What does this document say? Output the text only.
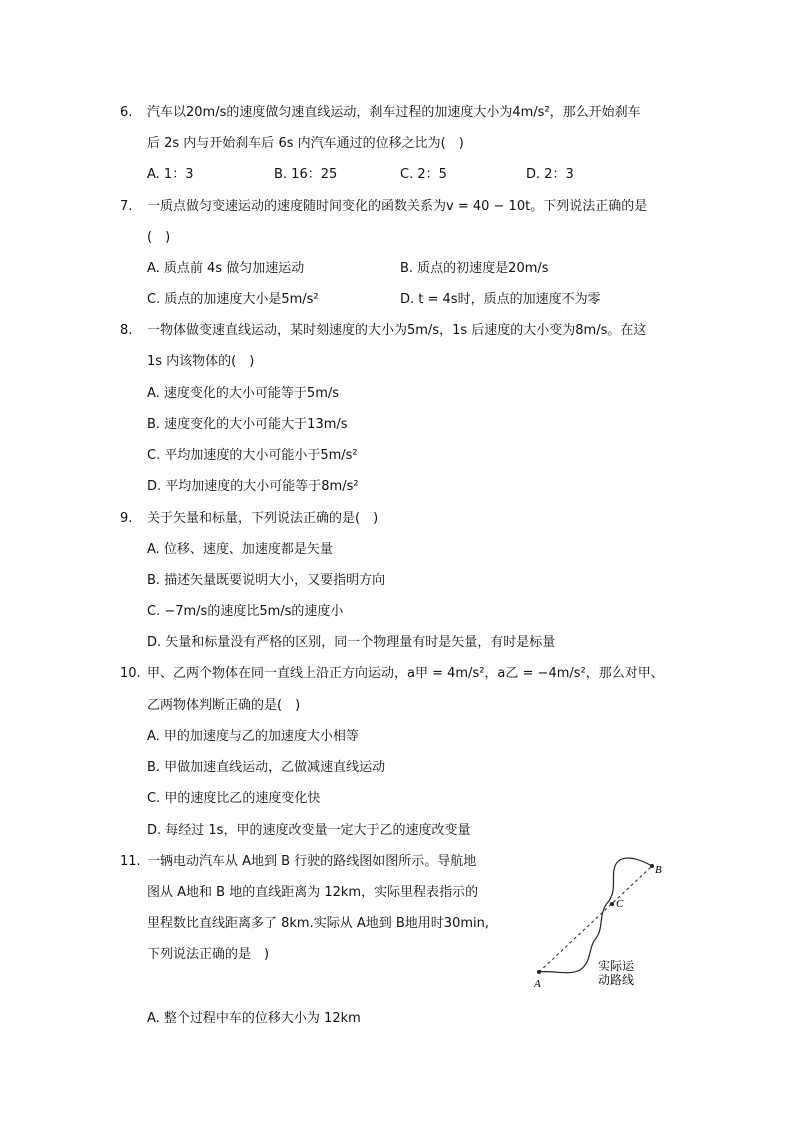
6. 汽车以20m/s的速度做匀速直线运动，刹车过程的加速度大小为4m/s²，那么开始刹车
后 2s 内与开始刹车后 6s 内汽车通过的位移之比为(　)
A. 1：3	B. 16：25	C. 2：5	D. 2：3
7. 一质点做匀变速运动的速度随时间变化的函数关系为v = 40 − 10t。下列说法正确的是
(　)
A. 质点前 4s 做匀加速运动	B. 质点的初速度是20m/s
C. 质点的加速度大小是5m/s²	D. t = 4s时，质点的加速度不为零
8. 一物体做变速直线运动，某时刻速度的大小为5m/s，1s 后速度的大小变为8m/s。在这
1s 内该物体的(　)
A. 速度变化的大小可能等于5m/s
B. 速度变化的大小可能大于13m/s
C. 平均加速度的大小可能小于5m/s²
D. 平均加速度的大小可能等于8m/s²
9. 关于矢量和标量，下列说法正确的是(　)
A. 位移、速度、加速度都是矢量
B. 描述矢量既要说明大小，又要指明方向
C. −7m/s的速度比5m/s的速度小
D. 矢量和标量没有严格的区别，同一个物理量有时是矢量，有时是标量
10. 甲、乙两个物体在同一直线上沿正方向运动，a甲 = 4m/s²，a乙 = −4m/s²，那么对甲、
乙两物体判断正确的是(　)
A. 甲的加速度与乙的加速度大小相等
B. 甲做加速直线运动，乙做减速直线运动
C. 甲的速度比乙的速度变化快
D. 每经过 1s，甲的速度改变量一定大于乙的速度改变量
11. 一辆电动汽车从 A地到 B 行驶的路线图如图所示。导航地
图从 A地和 B 地的直线距离为 12km，实际里程表指示的
里程数比直线距离多了 8km.实际从 A地到 B地用时30min,
下列说法正确的是　)
A. 整个过程中车的位移大小为 12km
A
B
C
实际运
动路线
